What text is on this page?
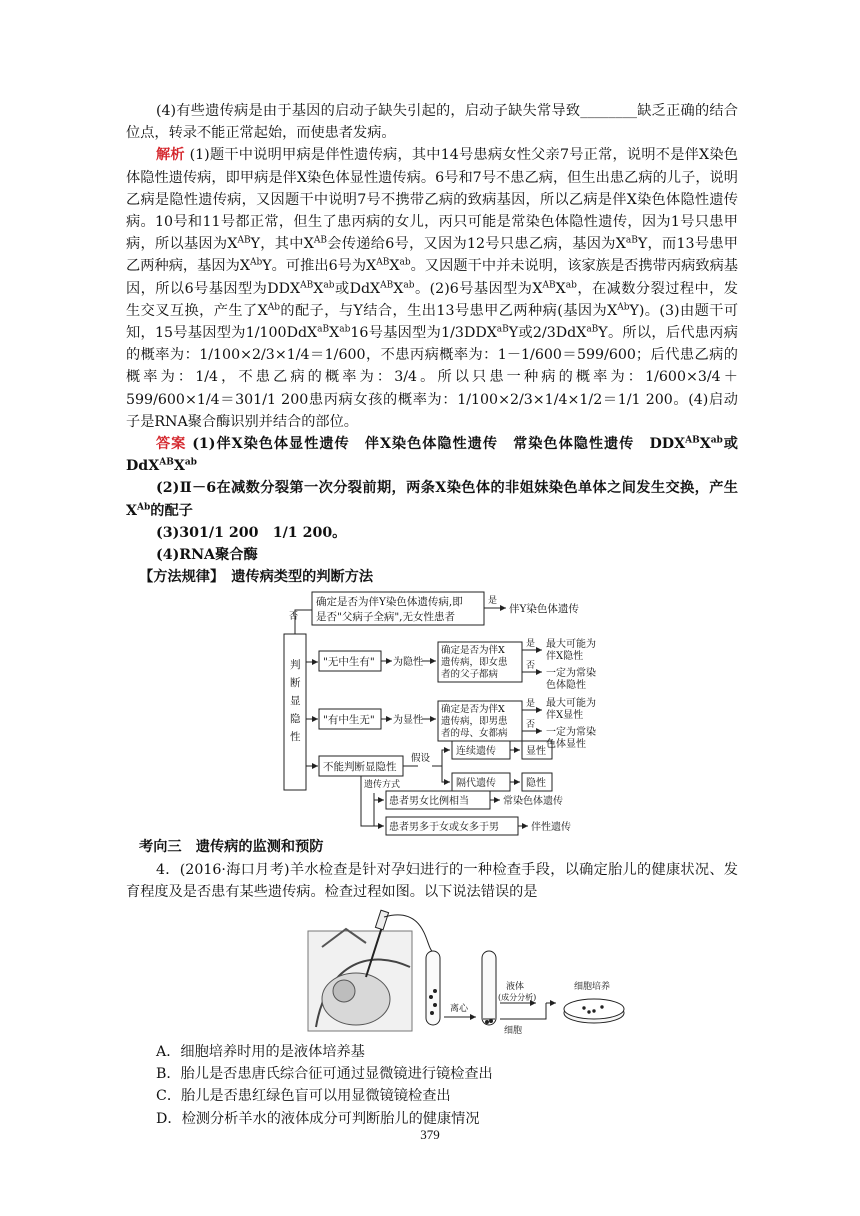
(4)有些遗传病是由于基因的启动子缺失引起的，启动子缺失常导致________缺乏正确的结合位点，转录不能正常起始，而使患者发病。

解析 (1)题干中说明甲病是伴性遗传病，其中14号患病女性父亲7号正常，说明不是伴X染色体隐性遗传病，即甲病是伴X染色体显性遗传病。6号和7号不患乙病，但生出患乙病的儿子，说明乙病是隐性遗传病，又因题干中说明7号不携带乙病的致病基因，所以乙病是伴X染色体隐性遗传病。10号和11号都正常，但生了患丙病的女儿，丙只可能是常染色体隐性遗传，因为1号只患甲病，所以基因为$X^{AB}Y$，其中$X^{AB}$会传递给6号，又因为12号只患乙病，基因为$X^{aB}Y$，而13号患甲乙两种病，基因为$X^{Ab}Y$。可推出6号为$X^{AB}X^{ab}$。又因题干中并未说明，该家族是否携带丙病致病基因，所以6号基因型为$DDX^{AB}X^{ab}$或$DdX^{AB}X^{ab}$。(2)6号基因型为$X^{AB}X^{ab}$，在减数分裂过程中，发生交叉互换，产生了$X^{Ab}$的配子，与Y结合，生出13号患甲乙两种病(基因为$X^{Ab}Y$)。(3)由题干可知，15号基因型为$1/100DdX^{aB}X^{ab}16$号基因型为$1/3DDX^{aB}Y$或2/3DdX$^{aB}$Y。所以，后代患丙病的概率为：1/100×2/3×1/4＝1/600，不患丙病概率为：1－1/600＝599/600；后代患乙病的概率为：1/4，不患乙病的概率为：3/4。所以只患一种病的概率为：1/600×3/4＋599/600×1/4＝301/1 200患丙病女孩的概率为：1/100×2/3×1/4×1/2＝1/1 200。(4)启动子是RNA聚合酶识别并结合的部位。

答案 (1)伴X染色体显性遗传　伴X染色体隐性遗传　常染色体隐性遗传　$DDX^{AB}X^{ab}$或$DdX^{AB}X^{ab}$

(2)Ⅱ－6在减数分裂第一次分裂前期，两条X染色体的非姐妹染色单体之间发生交换，产生$X^{Ab}$的配子

(3)301/1 200　1/1 200。

(4)RNA聚合酶

【方法规律】　遗传病类型的判断方法

确定是否为伴Y染色体遗传病,即
是否"父病子全病",无女性患者
是
伴Y染色体遗传
否
判
断
显
隐
性
"无中生有" 为隐性
确定是否为伴X
遗传病，即女患
者的父子都病
是
否
最大可能为
伴X隐性
一定为常染
色体隐性
"有中生无" 为显性
确定是否为伴X
遗传病，即男患
者的母、女都病
是
否
最大可能为
伴X显性
一定为常染
色体显性
不能判断显隐性
假设
连续遗传
隔代遗传
显性
隐性
遗传方式
患者男女比例相当	常染色体遗传
患者男多于女或女多于男	伴性遗传

考向三　遗传病的监测和预防

4．(2016·海口月考)羊水检查是针对孕妇进行的一种检查手段，以确定胎儿的健康状况、发育程度及是否患有某些遗传病。检查过程如图。以下说法错误的是

离心
液体
(成分分析)
细胞
细胞培养

A．细胞培养时用的是液体培养基

B．胎儿是否患唐氏综合征可通过显微镜进行镜检查出

C．胎儿是否患红绿色盲可以用显微镜镜检查出

D．检测分析羊水的液体成分可判断胎儿的健康情况

379
